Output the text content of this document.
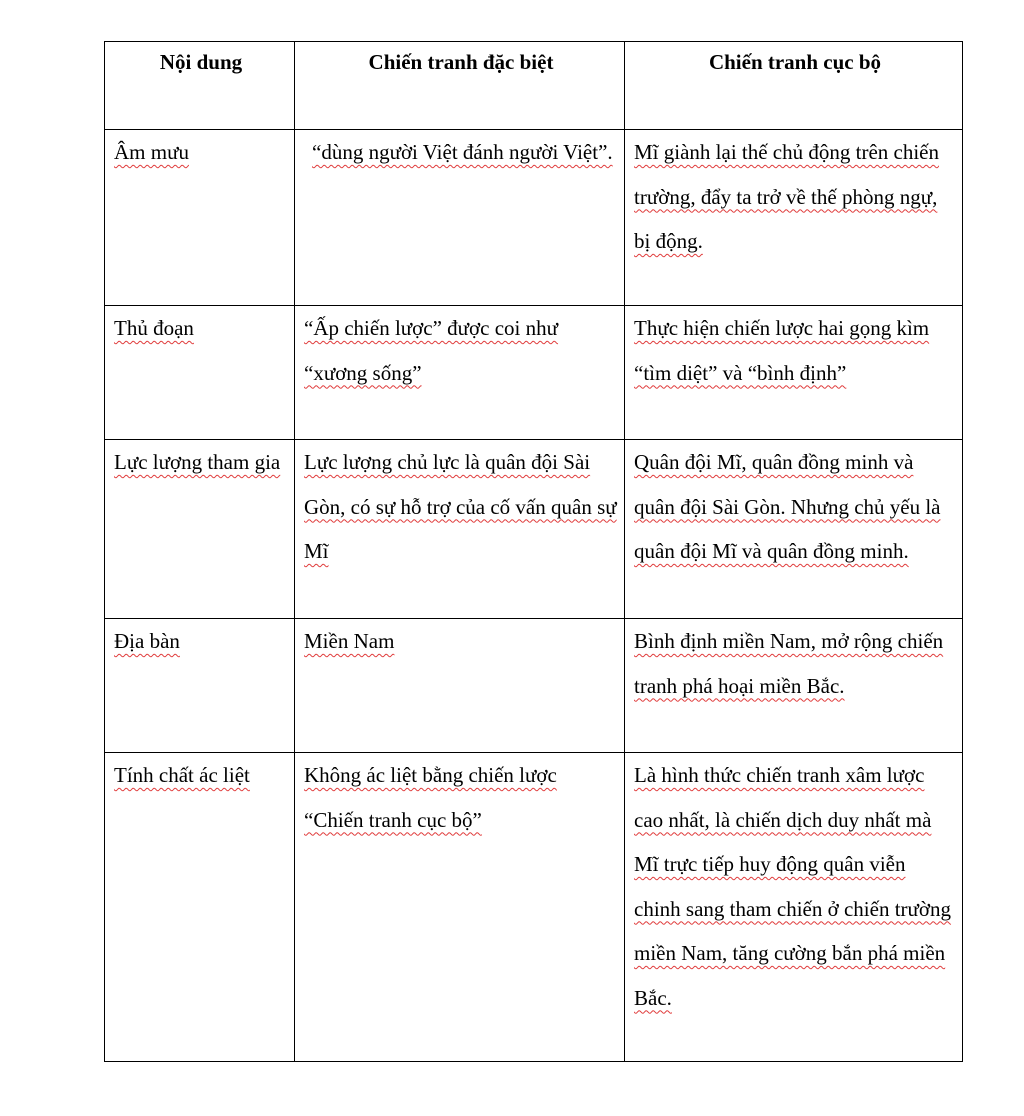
Nội dung	Chiến tranh đặc biệt	Chiến tranh cục bộ

Âm mưu	“dùng người Việt đánh người Việt”.	Mĩ giành lại thế chủ động trên chiến trường, đẩy ta trở về thế phòng ngự, bị động.

Thủ đoạn	“Ấp chiến lược” được coi như “xương sống”	Thực hiện chiến lược hai gọng kìm “tìm diệt” và “bình định”

Lực lượng tham gia	Lực lượng chủ lực là quân đội Sài Gòn, có sự hỗ trợ của cố vấn quân sự Mĩ	Quân đội Mĩ, quân đồng minh và quân đội Sài Gòn. Nhưng chủ yếu là quân đội Mĩ và quân đồng minh.

Địa bàn	Miền Nam	Bình định miền Nam, mở rộng chiến tranh phá hoại miền Bắc.

Tính chất ác liệt	Không ác liệt bằng chiến lược “Chiến tranh cục bộ”	Là hình thức chiến tranh xâm lược cao nhất, là chiến dịch duy nhất mà Mĩ trực tiếp huy động quân viễn chinh sang tham chiến ở chiến trường miền Nam, tăng cường bắn phá miền Bắc.
